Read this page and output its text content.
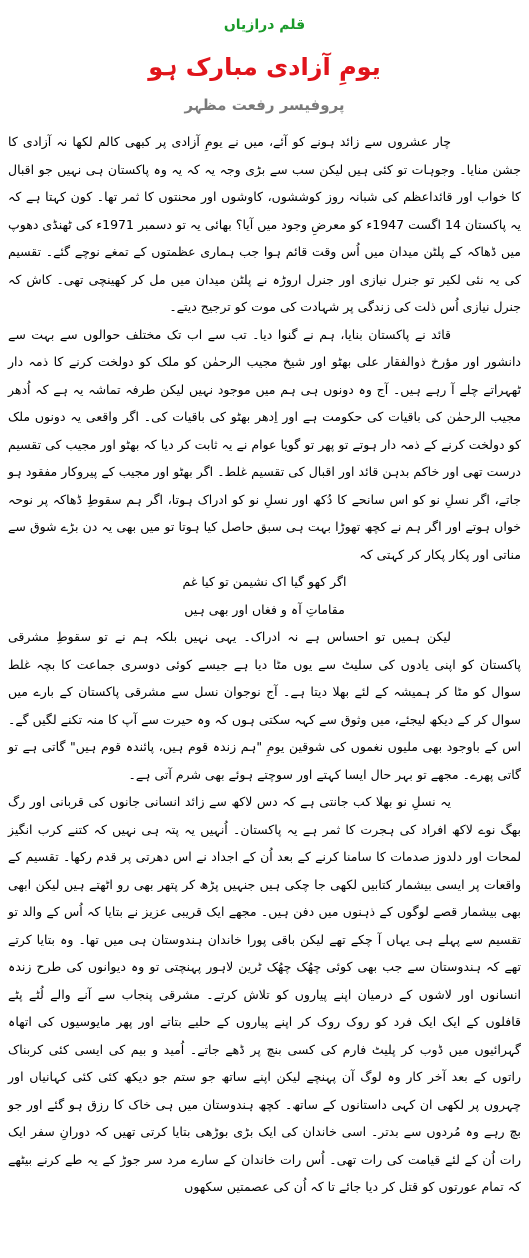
قلم درازیاں
یومِ آزادی مبارک ہو
پروفیسر رفعت مظہر

چار عشروں سے زائد ہونے کو آئے، میں نے یومِ آزادی پر کبھی کالم لکھا نہ آزادی کا جشن منایا۔ وجوہات تو کئی ہیں لیکن سب سے بڑی وجہ یہ کہ یہ وہ پاکستان ہی نہیں جو اقبال کا خواب اور قائداعظم کی شبانہ روز کوششوں، کاوشوں اور محنتوں کا ثمر تھا۔ کون کہتا ہے کہ یہ پاکستان 14 اگست 1947ء کو معرضِ وجود میں آیا؟ بھائی یہ تو دسمبر 1971ء کی ٹھنڈی دھوپ میں ڈھاکہ کے پلٹن میدان میں اُس وقت قائم ہوا جب ہماری عظمتوں کے تمغے نوچے گئے۔ تقسیم کی یہ نئی لکیر تو جنرل نیازی اور جنرل اروڑہ نے پلٹن میدان میں مل کر کھینچی تھی۔ کاش کہ جنرل نیازی اُس ذلت کی زندگی پر شہادت کی موت کو ترجیح دیتے۔

قائد نے پاکستان بنایا، ہم نے گنوا دیا۔ تب سے اب تک مختلف حوالوں سے بہت سے دانشور اور مؤرخ ذوالفقار علی بھٹو اور شیخ مجیب الرحمٰن کو ملک کو دولخت کرنے کا ذمہ دار ٹھہراتے چلے آ رہے ہیں۔ آج وہ دونوں ہی ہم میں موجود نہیں لیکن طرفہ تماشہ یہ ہے کہ اُدھر مجیب الرحمٰن کی باقیات کی حکومت ہے اور اِدھر بھٹو کی باقیات کی۔ اگر واقعی یہ دونوں ملک کو دولخت کرنے کے ذمہ دار ہوتے تو پھر تو گویا عوام نے یہ ثابت کر دیا کہ بھٹو اور مجیب کی تقسیم درست تھی اور خاکم بدہن قائد اور اقبال کی تقسیم غلط۔ اگر بھٹو اور مجیب کے پیروکار مفقود ہو جاتے، اگر نسلِ نو کو اس سانحے کا دُکھ اور نسلِ نو کو ادراک ہوتا، اگر ہم سقوطِ ڈھاکہ پر نوحہ خواں ہوتے اور اگر ہم نے کچھ تھوڑا بہت ہی سبق حاصل کیا ہوتا تو میں بھی یہ دن بڑے شوق سے مناتی اور پکار پکار کر کہتی کہ

اگر کھو گیا اک نشیمن تو کیا غم

مقاماتِ آہ و فغاں اور بھی ہیں

لیکن ہمیں تو احساس ہے نہ ادراک۔ یہی نہیں بلکہ ہم نے تو سقوطِ مشرقی پاکستان کو اپنی یادوں کی سلیٹ سے یوں مٹا دیا ہے جیسے کوئی دوسری جماعت کا بچہ غلط سوال کو مٹا کر ہمیشہ کے لئے بھلا دیتا ہے۔ آج نوجوان نسل سے مشرقی پاکستان کے بارے میں سوال کر کے دیکھ لیجئے، میں وثوق سے کہہ سکتی ہوں کہ وہ حیرت سے آپ کا منہ تکنے لگیں گے۔ اس کے باوجود بھی ملیوں نغموں کی شوقین یومِ "ہم زندہ قوم ہیں، پائندہ قوم ہیں" گاتی ہے تو گاتی پھرے۔ مجھے تو بہر حال ایسا کہتے اور سوچتے ہوئے بھی شرم آتی ہے۔

یہ نسلِ نو بھلا کب جانتی ہے کہ دس لاکھ سے زائد انسانی جانوں کی قربانی اور رگ بھگ نوے لاکھ افراد کی ہجرت کا ثمر ہے یہ پاکستان۔ اُنہیں یہ پتہ ہی نہیں کہ کتنے کرب انگیز لمحات اور دلدوز صدمات کا سامنا کرنے کے بعد اُن کے اجداد نے اس دھرتی پر قدم رکھا۔ تقسیم کے واقعات پر ایسی بیشمار کتابیں لکھی جا چکی ہیں جنہیں پڑھ کر پتھر بھی رو اٹھتے ہیں لیکن ابھی بھی بیشمار قصے لوگوں کے ذہنوں میں دفن ہیں۔ مجھے ایک قریبی عزیز نے بتایا کہ اُس کے والد تو تقسیم سے پہلے ہی یہاں آ چکے تھے لیکن باقی پورا خاندان ہندوستان ہی میں تھا۔ وہ بتایا کرتے تھے کہ ہندوستان سے جب بھی کوئی چھُک چھُک ٹرین لاہور پہنچتی تو وہ دیوانوں کی طرح زندہ انسانوں اور لاشوں کے درمیان اپنے پیاروں کو تلاش کرتے۔ مشرقی پنجاب سے آنے والے لُٹے پٹے قافلوں کے ایک ایک فرد کو روک روک کر اپنے پیاروں کے حلیے بتاتے اور پھر مایوسیوں کی اتھاہ گہرائیوں میں ڈوب کر پلیٹ فارم کی کسی بنچ پر ڈھے جاتے۔ اُمید و بیم کی ایسی کئی کربناک راتوں کے بعد آخر کار وہ لوگ آن پہنچے لیکن اپنے ساتھ جو ستم جو دیکھ کئی کئی کہانیاں اور چہروں پر لکھی ان کہی داستانوں کے ساتھ۔ کچھ ہندوستان میں ہی خاک کا رزق ہو گئے اور جو بچ رہے وہ مُردوں سے بدتر۔ اسی خاندان کی ایک بڑی بوڑھی بتایا کرتی تھیں کہ دورانِ سفر ایک رات اُن کے لئے قیامت کی رات تھی۔ اُس رات خاندان کے سارے مرد سر جوڑ کے یہ طے کرنے بیٹھے کہ تمام عورتوں کو قتل کر دیا جائے تا کہ اُن کی عصمتیں سکھوں
